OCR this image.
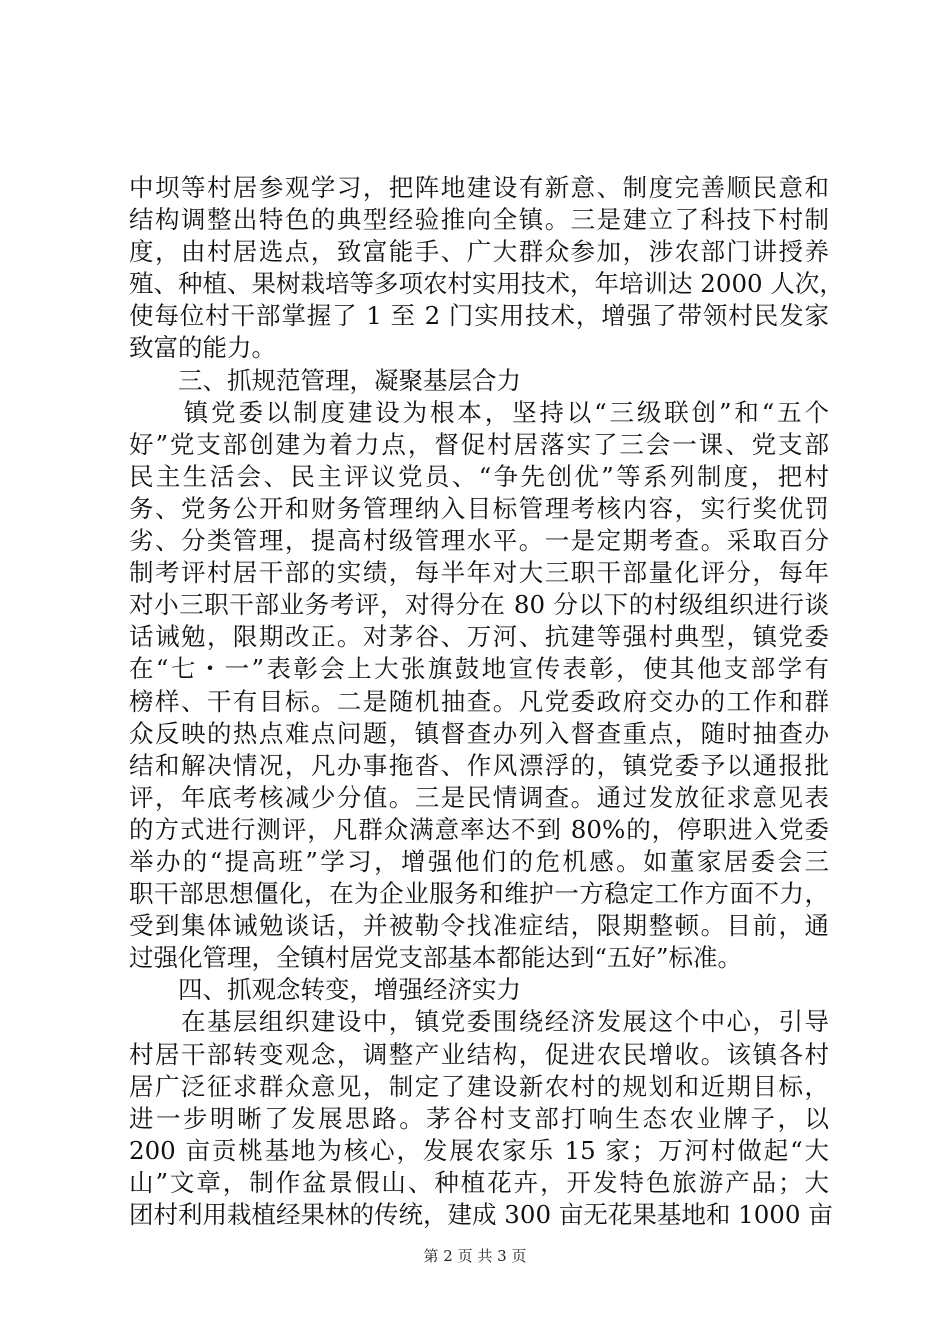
中坝等村居参观学习，把阵地建设有新意、制度完善顺民意和
结构调整出特色的典型经验推向全镇。三是建立了科技下村制
度，由村居选点，致富能手、广大群众参加，涉农部门讲授养
殖、种植、果树栽培等多项农村实用技术，年培训达 2000 人次，
使每位村干部掌握了 1 至 2 门实用技术，增强了带领村民发家
致富的能力。
　　三、抓规范管理，凝聚基层合力
　　镇党委以制度建设为根本，坚持以“三级联创”和“五个
好”党支部创建为着力点，督促村居落实了三会一课、党支部
民主生活会、民主评议党员、“争先创优”等系列制度，把村
务、党务公开和财务管理纳入目标管理考核内容，实行奖优罚
劣、分类管理，提高村级管理水平。一是定期考查。采取百分
制考评村居干部的实绩，每半年对大三职干部量化评分，每年
对小三职干部业务考评，对得分在 80 分以下的村级组织进行谈
话诫勉，限期改正。对茅谷、万河、抗建等强村典型，镇党委
在“七・一”表彰会上大张旗鼓地宣传表彰，使其他支部学有
榜样、干有目标。二是随机抽查。凡党委政府交办的工作和群
众反映的热点难点问题，镇督查办列入督查重点，随时抽查办
结和解决情况，凡办事拖沓、作风漂浮的，镇党委予以通报批
评，年底考核减少分值。三是民情调查。通过发放征求意见表
的方式进行测评，凡群众满意率达不到 80%的，停职进入党委
举办的“提高班”学习，增强他们的危机感。如董家居委会三
职干部思想僵化，在为企业服务和维护一方稳定工作方面不力，
受到集体诫勉谈话，并被勒令找准症结，限期整顿。目前，通
过强化管理，全镇村居党支部基本都能达到“五好”标准。
　　四、抓观念转变，增强经济实力
　　在基层组织建设中，镇党委围绕经济发展这个中心，引导
村居干部转变观念，调整产业结构，促进农民增收。该镇各村
居广泛征求群众意见，制定了建设新农村的规划和近期目标，
进一步明晰了发展思路。茅谷村支部打响生态农业牌子，以
200 亩贡桃基地为核心，发展农家乐 15 家；万河村做起“大
山”文章，制作盆景假山、种植花卉，开发特色旅游产品；大
团村利用栽植经果林的传统，建成 300 亩无花果基地和 1000 亩
第 2 页 共 3 页
